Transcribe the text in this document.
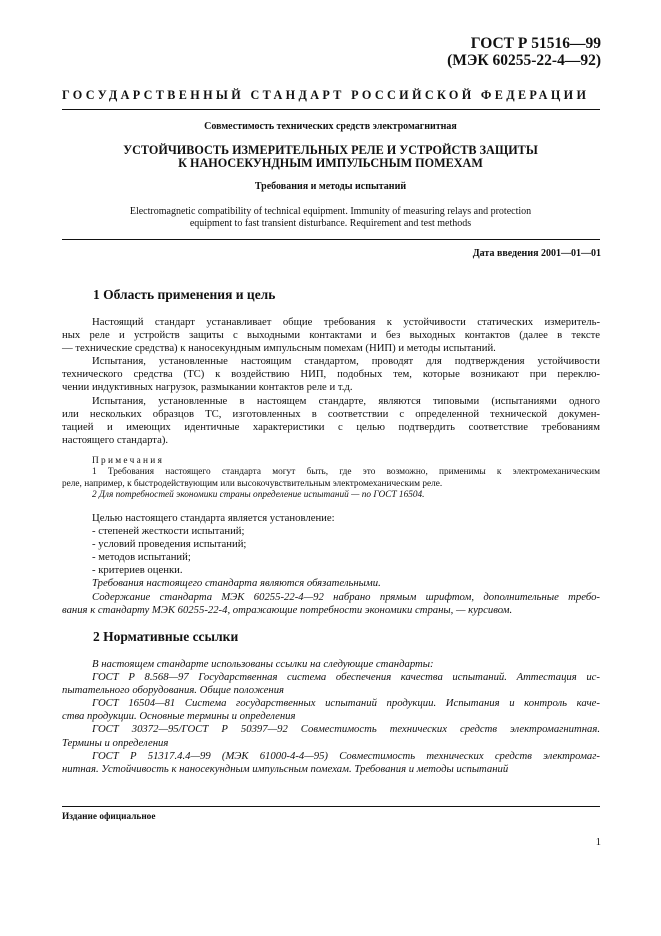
ГОСТ Р 51516—99
(МЭК 60255-22-4—92)

ГОСУДАРСТВЕННЫЙ СТАНДАРТ РОССИЙСКОЙ ФЕДЕРАЦИИ

Совместимость технических средств электромагнитная

УСТОЙЧИВОСТЬ ИЗМЕРИТЕЛЬНЫХ РЕЛЕ И УСТРОЙСТВ ЗАЩИТЫ
К НАНОСЕКУНДНЫМ ИМПУЛЬСНЫМ ПОМЕХАМ

Требования и методы испытаний

Electromagnetic compatibility of technical equipment. Immunity of measuring relays and protection
equipment to fast transient disturbance. Requirement and test methods

Дата введения 2001—01—01

1 Область применения и цель

Настоящий стандарт устанавливает общие требования к устойчивости статических измеритель-
ных реле и устройств защиты с выходными контактами и без выходных контактов (далее в тексте
— технические средства) к наносекундным импульсным помехам (НИП) и методы испытаний.

Испытания, установленные настоящим стандартом, проводят для подтверждения устойчивости
технического средства (ТС) к воздействию НИП, подобных тем, которые возникают при переклю-
чении индуктивных нагрузок, размыкании контактов реле и т.д.

Испытания, установленные в настоящем стандарте, являются типовыми (испытаниями одного
или нескольких образцов ТС, изготовленных в соответствии с определенной технической докумен-
тацией и имеющих идентичные характеристики с целью подтвердить соответствие требованиям
настоящего стандарта).

Примечания
1 Требования настоящего стандарта могут быть, где это возможно, применимы к электромеханическим
реле, например, к быстродействующим или высокочувствительным электромеханическим реле.
2 Для потребностей экономики страны определение испытаний — по ГОСТ 16504.
Целью настоящего стандарта является установление:
- степеней жесткости испытаний;
- условий проведения испытаний;
- методов испытаний;
- критериев оценки.
Требования настоящего стандарта являются обязательными.
Содержание стандарта МЭК 60255-22-4—92 набрано прямым шрифтом, дополнительные требо-
вания к стандарту МЭК 60255-22-4, отражающие потребности экономики страны, — курсивом.
2 Нормативные ссылки
В настоящем стандарте использованы ссылки на следующие стандарты:
ГОСТ Р 8.568—97 Государственная система обеспечения качества испытаний. Аттестация ис-
пытательного оборудования. Общие положения
ГОСТ 16504—81 Система государственных испытаний продукции. Испытания и контроль каче-
ства продукции. Основные термины и определения
ГОСТ 30372—95/ГОСТ Р 50397—92 Совместимость технических средств электромагнитная.
Термины и определения
ГОСТ Р 51317.4.4—99 (МЭК 61000-4-4—95) Совместимость технических средств электромаг-
нитная. Устойчивость к наносекундным импульсным помехам. Требования и методы испытаний

Издание официальное

1
